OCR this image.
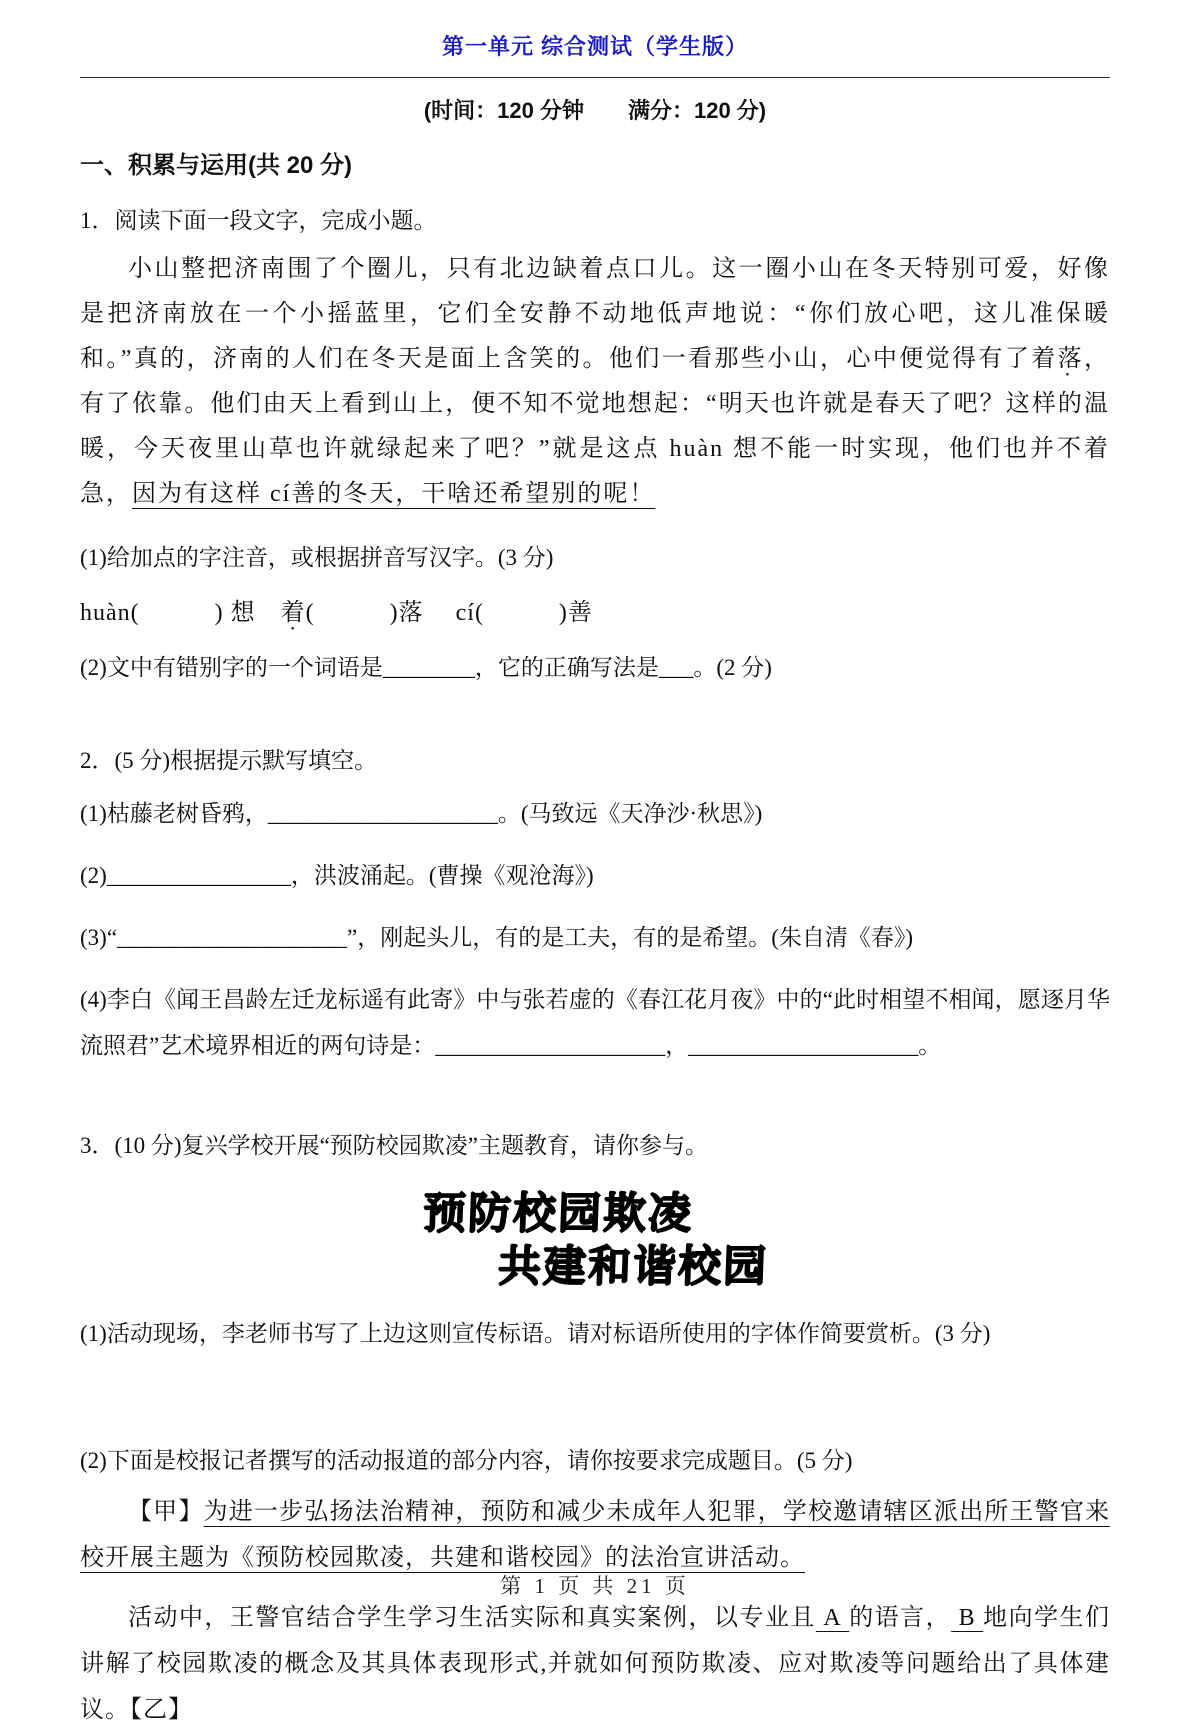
第一单元 综合测试（学生版）
(时间：120 分钟　　满分：120 分)
一、积累与运用(共 20 分)
1．阅读下面一段文字，完成小题。

小山整把济南围了个圈儿，只有北边缺着点口儿。这一圈小山在冬天特别可爱，好像是把济南放在一个小摇蓝里，它们全安静不动地低声地说：“你们放心吧，这儿准保暖和。”真的，济南的人们在冬天是面上含笑的。他们一看那些小山，心中便觉得有了着落，有了依靠。他们由天上看到山上，便不知不觉地想起：“明天也许就是春天了吧？这样的温暖，今天夜里山草也许就绿起来了吧？”就是这点 huàn 想不能一时实现，他们也并不着急，因为有这样 cí善的冬天，干啥还希望别的呢！

(1)给加点的字注音，或根据拼音写汉字。(3 分)
huàn(　　　) 想　着(　　　)落　 cí(　　　)善
(2)文中有错别字的一个词语是________，它的正确写法是___。(2 分)
2．(5 分)根据提示默写填空。
(1)枯藤老树昏鸦，____________________。(马致远《天净沙·秋思》)
(2)________________，洪波涌起。(曹操《观沧海》)
(3)“____________________”，刚起头儿，有的是工夫，有的是希望。(朱自清《春》)
(4)李白《闻王昌龄左迁龙标遥有此寄》中与张若虚的《春江花月夜》中的“此时相望不相闻，愿逐月华流照君”艺术境界相近的两句诗是：____________________，____________________。
3．(10 分)复兴学校开展“预防校园欺凌”主题教育，请你参与。
预防校园欺凌
共建和谐校园
(1)活动现场，李老师书写了上边这则宣传标语。请对标语所使用的字体作简要赏析。(3 分)
(2)下面是校报记者撰写的活动报道的部分内容，请你按要求完成题目。(5 分)

【甲】为进一步弘扬法治精神，预防和减少未成年人犯罪，学校邀请辖区派出所王警官来校开展主题为《预防校园欺凌，共建和谐校园》的法治宣讲活动。

活动中，王警官结合学生学习生活实际和真实案例，以专业且 A 的语言， B 地向学生们讲解了校园欺凌的概念及其具体表现形式,并就如何预防欺凌、应对欺凌等问题给出了具体建议。【乙】

第 1 页 共 21 页
